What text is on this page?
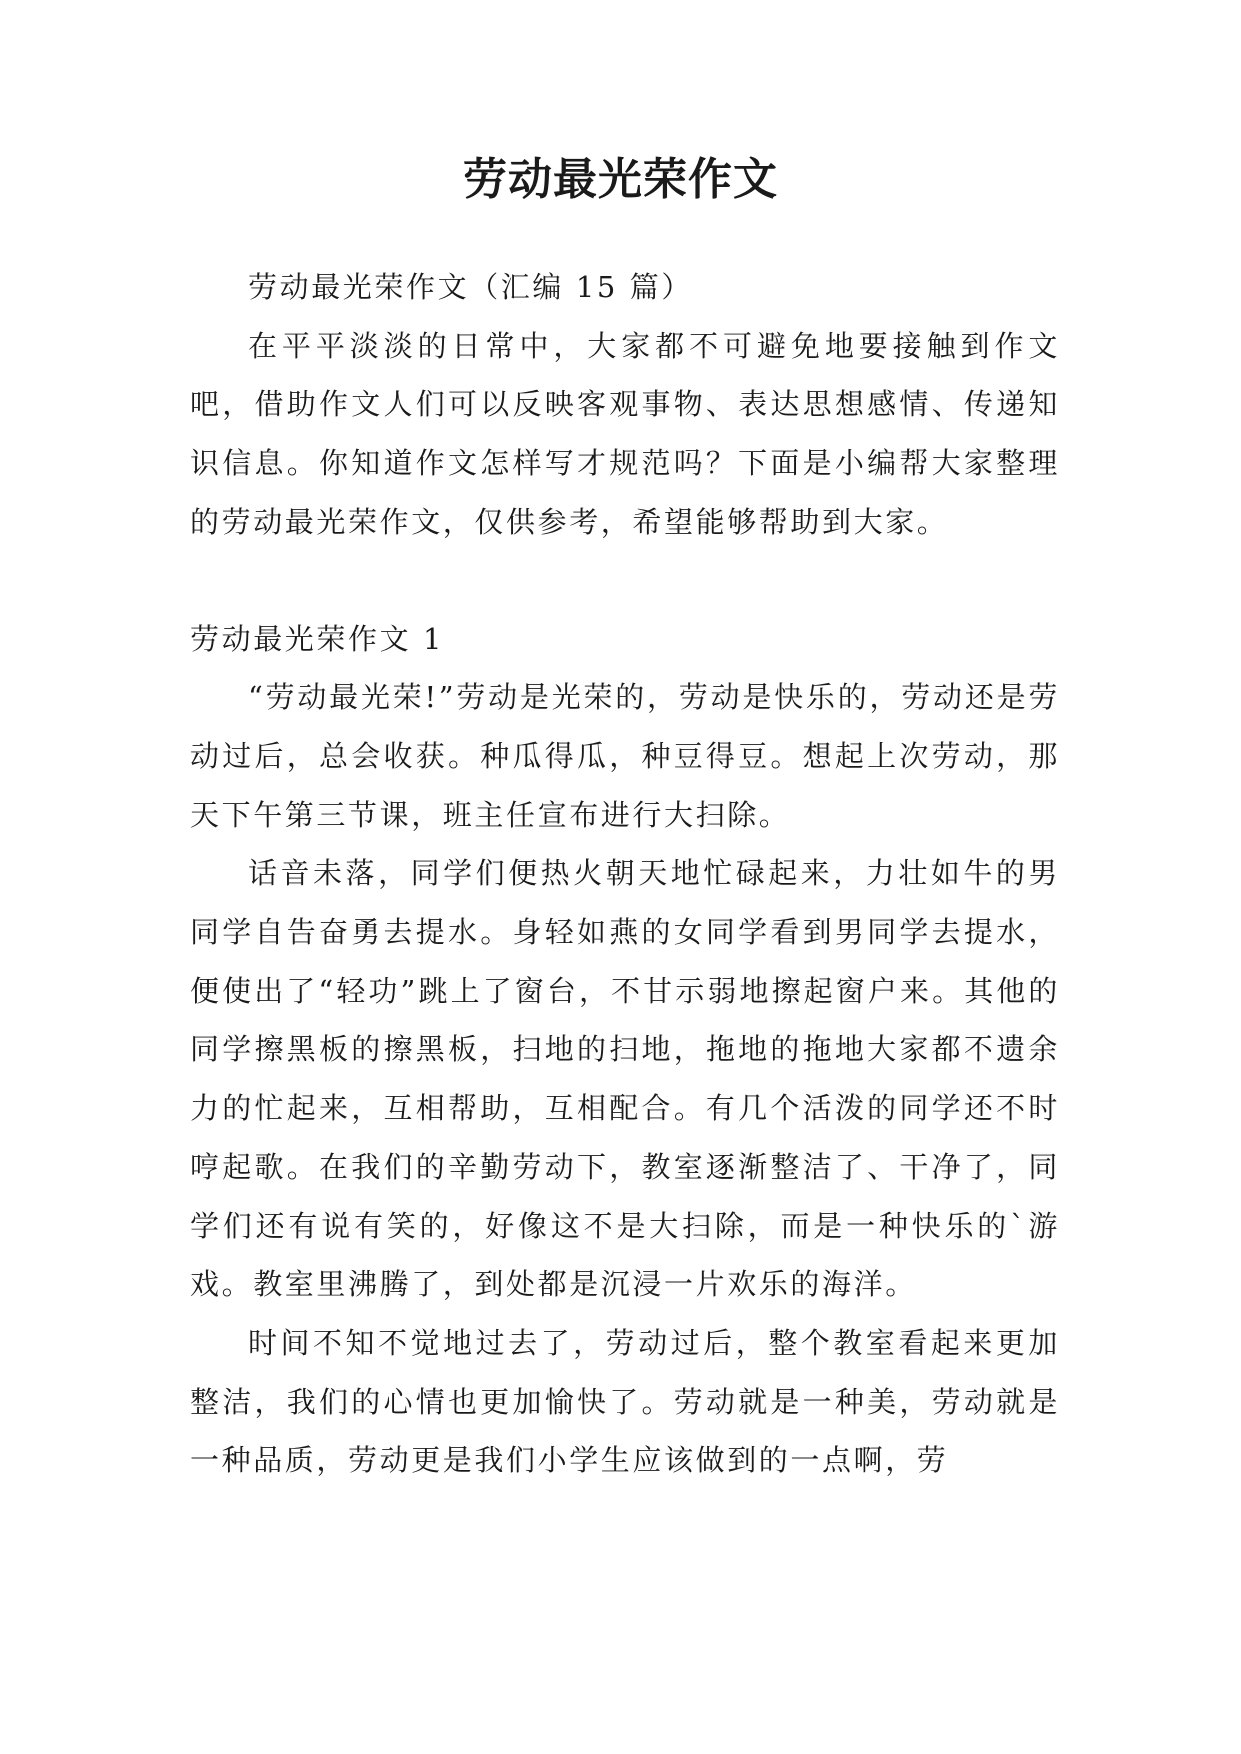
劳动最光荣作文

劳动最光荣作文（汇编 15 篇）

在平平淡淡的日常中，大家都不可避免地要接触到作文吧，借助作文人们可以反映客观事物、表达思想感情、传递知识信息。你知道作文怎样写才规范吗？下面是小编帮大家整理的劳动最光荣作文，仅供参考，希望能够帮助到大家。

劳动最光荣作文 1

“劳动最光荣!”劳动是光荣的，劳动是快乐的，劳动还是劳动过后，总会收获。种瓜得瓜，种豆得豆。想起上次劳动，那天下午第三节课，班主任宣布进行大扫除。

话音未落，同学们便热火朝天地忙碌起来，力壮如牛的男同学自告奋勇去提水。身轻如燕的女同学看到男同学去提水，便使出了“轻功”跳上了窗台，不甘示弱地擦起窗户来。其他的同学擦黑板的擦黑板，扫地的扫地，拖地的拖地大家都不遗余力的忙起来，互相帮助，互相配合。有几个活泼的同学还不时哼起歌。在我们的辛勤劳动下，教室逐渐整洁了、干净了，同学们还有说有笑的，好像这不是大扫除，而是一种快乐的`游戏。教室里沸腾了，到处都是沉浸一片欢乐的海洋。

时间不知不觉地过去了，劳动过后，整个教室看起来更加整洁，我们的心情也更加愉快了。劳动就是一种美，劳动就是一种品质，劳动更是我们小学生应该做到的一点啊，劳
